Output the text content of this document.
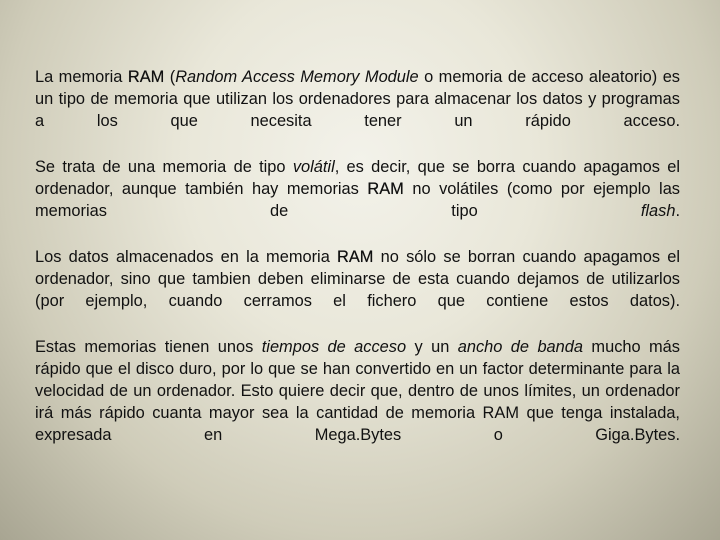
La memoria RAM (Random Access Memory Module o memoria de acceso aleatorio) es un tipo de memoria que utilizan los ordenadores para almacenar los datos y programas a los que necesita tener un rápido acceso.

Se trata de una memoria de tipo volátil, es decir, que se borra cuando apagamos el ordenador, aunque también hay memorias RAM no volátiles (como por ejemplo las memorias de tipo flash.

Los datos almacenados en la memoria RAM no sólo se borran cuando apagamos el ordenador, sino que tambien deben eliminarse de esta cuando dejamos de utilizarlos (por ejemplo, cuando cerramos el fichero que contiene estos datos).

Estas memorias tienen unos tiempos de acceso y un ancho de banda mucho más rápido que el disco duro, por lo que se han convertido en un factor determinante para la velocidad de un ordenador. Esto quiere decir que, dentro de unos límites, un ordenador irá más rápido cuanta mayor sea la cantidad de memoria RAM que tenga instalada, expresada en Mega.Bytes o Giga.Bytes.
